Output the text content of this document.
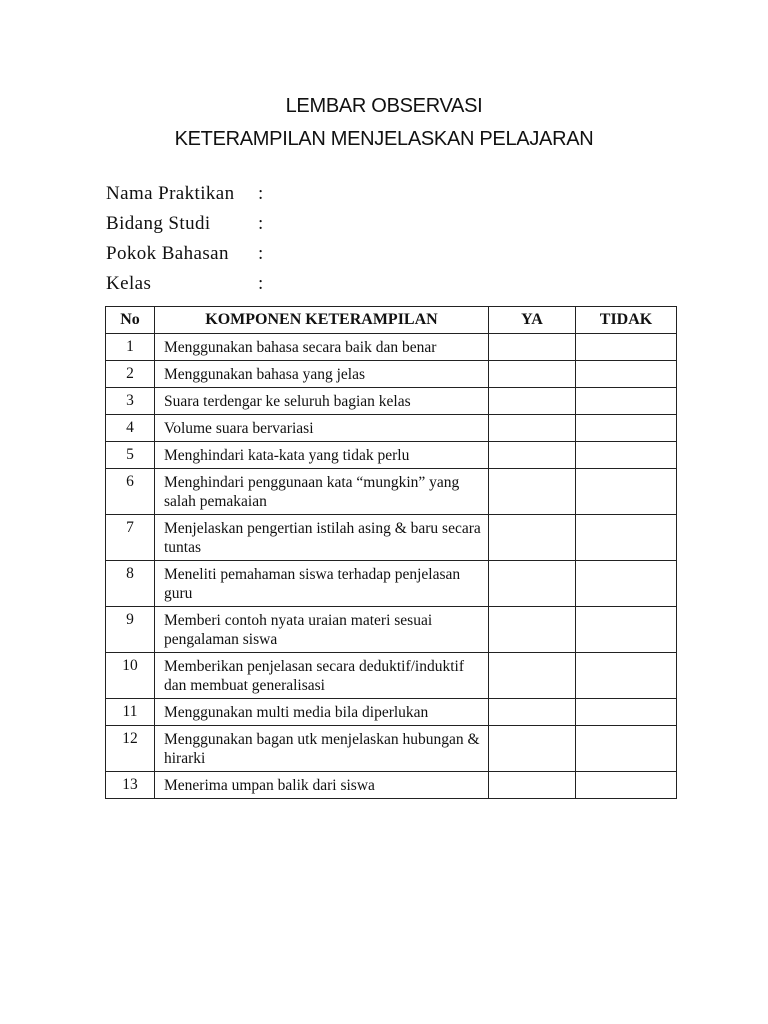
LEMBAR OBSERVASI
KETERAMPILAN MENJELASKAN PELAJARAN
Nama Praktikan :
Bidang Studi :
Pokok Bahasan :
Kelas	:
No	KOMPONEN KETERAMPILAN	YA	TIDAK
1	Menggunakan bahasa secara baik dan benar		
2	Menggunakan bahasa yang jelas		
3	Suara terdengar ke seluruh bagian kelas		
4	Volume suara bervariasi		
5	Menghindari kata-kata yang tidak perlu		
6	Menghindari penggunaan kata “mungkin” yang salah pemakaian		
7	Menjelaskan pengertian istilah asing & baru secara tuntas		
8	Meneliti pemahaman siswa terhadap penjelasan guru		
9	Memberi contoh nyata uraian materi sesuai pengalaman siswa		
10	Memberikan penjelasan secara deduktif/induktif dan membuat generalisasi		
11	Menggunakan multi media bila diperlukan		
12	Menggunakan bagan utk menjelaskan hubungan & hirarki		
13	Menerima umpan balik dari siswa		
